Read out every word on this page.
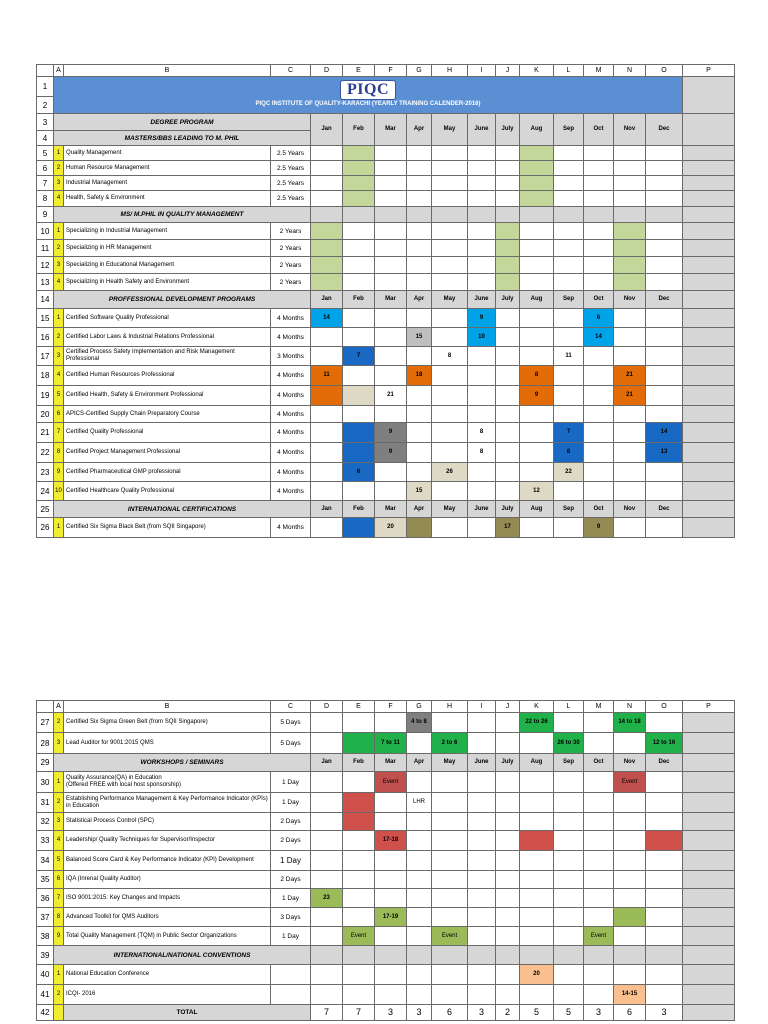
	A	B	C	D	E	F	G	H	I	J	K	L	M	N	O	P
1	PIQC
PIQC INSTITUTE OF QUALITY-KARACHI (YEARLY TRAINING CALENDER-2016)															
2																
3	DEGREE PROGRAM			Jan	Feb	Mar	Apr	May	June	July	Aug	Sep	Oct	Nov	Dec	
4	MASTERS/BBS LEADING TO M. PHIL															
5	1	Quality Management	2.5 Years													
6	2	Human Resource Management	2.5 Years													
7	3	Industrial Management	2.5 Years													
8	4	Health, Safety & Environment	2.5 Years													
9	MS/ M.PHIL IN QUALITY MANAGEMENT															
10	1	Specializing in Industrial Management	2 Years													
11	2	Specializing in HR Management	2 Years													
12	3	Specializing in Educational Management	2 Years													
13	4	Specializing in Health Safety and Environment	2 Years													
14	PROFFESSIONAL DEVELOPMENT PROGRAMS			Jan	Feb	Mar	Apr	May	June	July	Aug	Sep	Oct	Nov	Dec	
15	1	Certified Software Quality Professional	4 Months	14					9				6			
16	2	Certified Labor Laws & Industrial Relations Professional	4 Months				15		10				14			
17	3	Certified Process Safety Implementation and Risk Management Professional	3 Months		7			8				11				
18	4	Certified Human Resources Professional	4 Months	11			18				8			21		
19	5	Certified Health, Safety & Environment Professional	4 Months			21					9			21		
20	6	APICS-Certified Supply Chain Preparatory Course	4 Months													
21	7	Certified Quality Professional	4 Months			9			8			7			14	
22	8	Certified Project Management Professional	4 Months			9			8			8			13	
23	9	Certified Pharmaceutical GMP professional	4 Months		6			26				22				
24	10	Certified Healthcare Quality Professional	4 Months				15				12					
25	INTERNATIONAL CERTIFICATIONS			Jan	Feb	Mar	Apr	May	June	July	Aug	Sep	Oct	Nov	Dec	
26	1	Certified Six Sigma Black Belt (from SQII Singapore)	4 Months			20				17			9			
	A	B	C	D	E	F	G	H	I	J	K	L	M	N	O	P
27	2	Certified Six Sigma Green Belt (from SQII Singapore)	5 Days				4 to 8				22 to 26			14 to 18		
28	3	Lead Auditor for 9001:2015 QMS	5 Days			7 to 11		2 to 6				26 to 30			12 to 16	
29	WORKSHOPS / SEMINARS			Jan	Feb	Mar	Apr	May	June	July	Aug	Sep	Oct	Nov	Dec	
30	1	Quality Assurance(QA) in Education
(Offered FREE with local host sponsorship)	1 Day			Event								Event		
31	2	Establishing Performance Management & Key Performance Indicator (KPIs) in Education	1 Day				LHR									
32	3	Statistical Process Control (SPC)	2 Days													
33	4	Leadership/ Quality Techniques for Supervisor/Inspector	2 Days			17-18										
34	5	Balanced Score Card & Key Performance Indicator (KPI) Development	1 Day													
35	6	IQA (Inrenal Quality Auditor)	2 Days													
36	7	ISO 9001:2015: Key Changes and Impacts	1 Day	23												
37	8	Advanced Toolkit for QMS Auditors	3 Days			17-19										
38	9	Total Quality Management (TQM) in Public Sector Organizations	1 Day		Event			Event					Event			
39	INTERNATIONAL/NATIONAL CONVENTIONS															
40	1	National Education Conference									20					
41	2	ICQI- 2016												14-15		
42		TOTAL		7	7	3	3	6	3	2	5	5	3	6	3	
